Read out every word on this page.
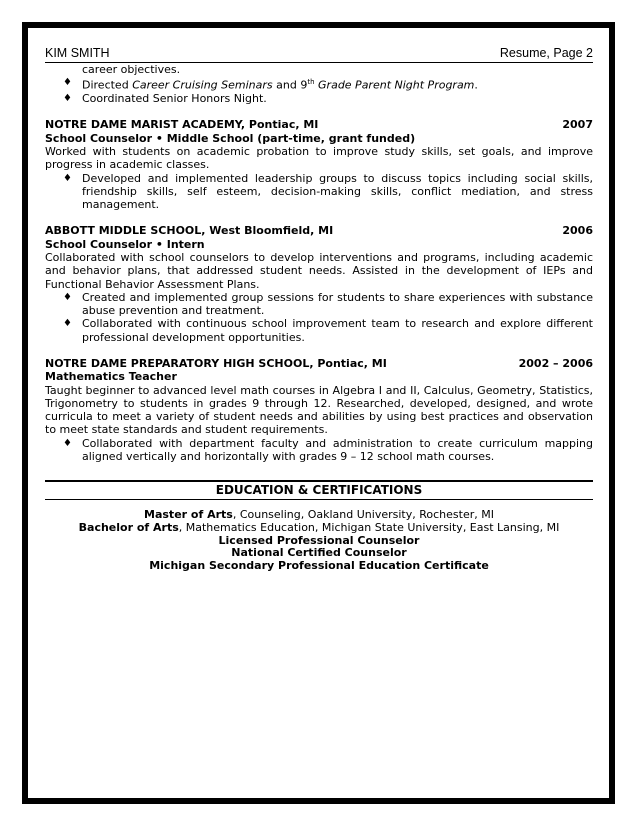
KIM SMITH	Resume, Page 2
career objectives.
♦ Directed Career Cruising Seminars and 9th Grade Parent Night Program.
♦ Coordinated Senior Honors Night.
NOTRE DAME MARIST ACADEMY, Pontiac, MI	2007
School Counselor • Middle School (part-time, grant funded)
Worked with students on academic probation to improve study skills, set goals, and improve progress in academic classes.
♦ Developed and implemented leadership groups to discuss topics including social skills, friendship skills, self esteem, decision-making skills, conflict mediation, and stress management.
ABBOTT MIDDLE SCHOOL, West Bloomfield, MI	2006
School Counselor • Intern
Collaborated with school counselors to develop interventions and programs, including academic and behavior plans, that addressed student needs. Assisted in the development of IEPs and Functional Behavior Assessment Plans.
♦ Created and implemented group sessions for students to share experiences with substance abuse prevention and treatment.
♦ Collaborated with continuous school improvement team to research and explore different professional development opportunities.
NOTRE DAME PREPARATORY HIGH SCHOOL, Pontiac, MI	2002 – 2006
Mathematics Teacher
Taught beginner to advanced level math courses in Algebra I and II, Calculus, Geometry, Statistics, Trigonometry to students in grades 9 through 12. Researched, developed, designed, and wrote curricula to meet a variety of student needs and abilities by using best practices and observation to meet state standards and student requirements.
♦ Collaborated with department faculty and administration to create curriculum mapping aligned vertically and horizontally with grades 9 – 12 school math courses.
EDUCATION & CERTIFICATIONS
Master of Arts, Counseling, Oakland University, Rochester, MI
Bachelor of Arts, Mathematics Education, Michigan State University, East Lansing, MI
Licensed Professional Counselor
National Certified Counselor
Michigan Secondary Professional Education Certificate
